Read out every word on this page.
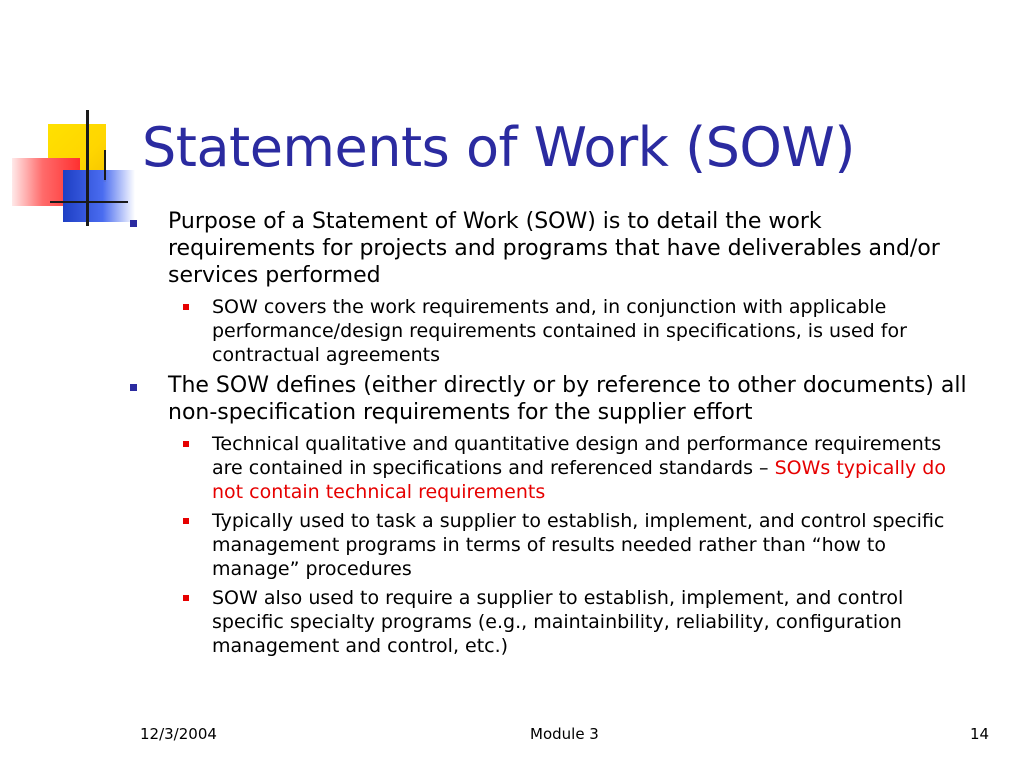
Statements of Work (SOW)
Purpose of a Statement of Work (SOW) is to detail the work requirements for projects and programs that have deliverables and/or services performed
SOW covers the work requirements and, in conjunction with applicable performance/design requirements contained in specifications, is used for contractual agreements
The SOW defines (either directly or by reference to other documents) all non-specification requirements for the supplier effort
Technical qualitative and quantitative design and performance requirements are contained in specifications and referenced standards – SOWs typically do not contain technical requirements
Typically used to task a supplier to establish, implement, and control specific management programs in terms of results needed rather than “how to manage” procedures
SOW also used to require a supplier to establish, implement, and control specific specialty programs (e.g., maintainbility, reliability, configuration management and control, etc.)
12/3/2004	Module 3	14
